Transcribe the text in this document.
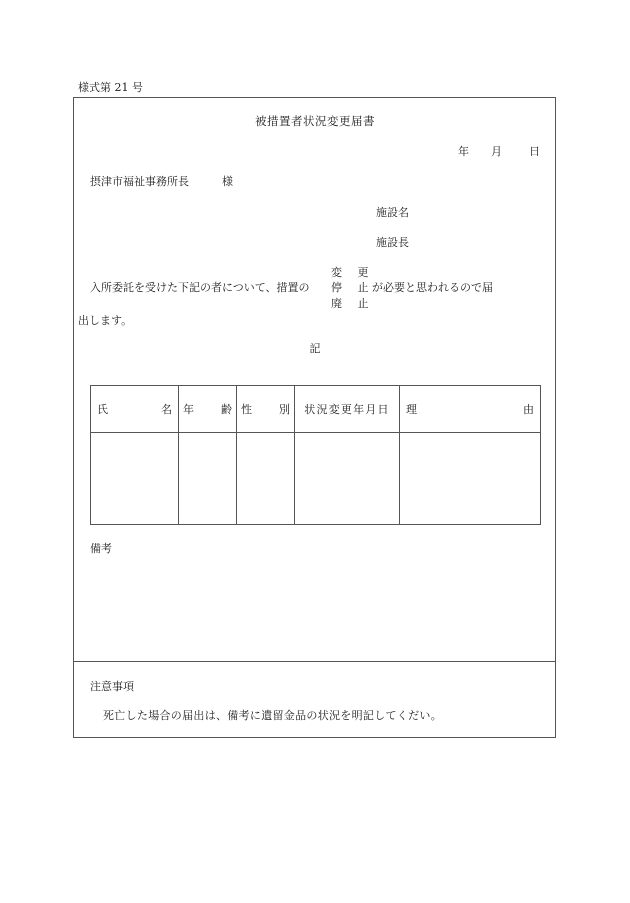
様式第 21 号
被措置者状況変更届書
年 月 日
摂津市福祉事務所長	様
施設名
施設長
変 更
停 止
廃 止
入所委託を受けた下記の者について、措置の	が必要と思われるので届
出します。
記
氏 名	年 齢	性 別	状況変更年月日	理 由

備考
注意事項
死亡した場合の届出は、備考に遺留金品の状況を明記してくだい。
